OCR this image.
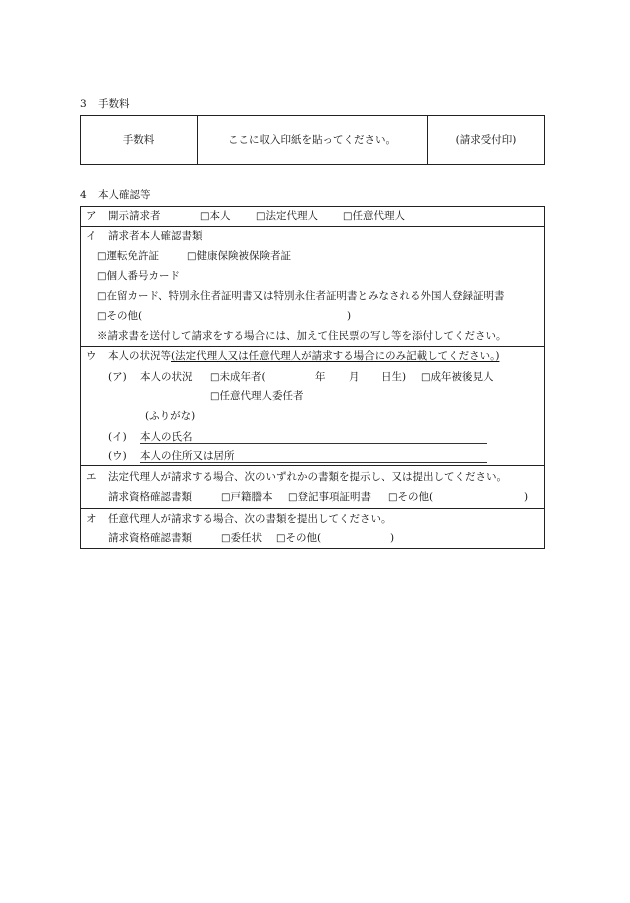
3 手数料
手数料	ここに収入印紙を貼ってください。	(請求受付印)
4 本人確認等
ア 開示請求者	□ 本人	□ 法定代理人	□ 任意代理人
イ 請求者本人確認書類
□ 運転免許証	□ 健康保険被保険者証
□ 個人番号カード
□ 在留カード、特別永住者証明書又は特別永住者証明書とみなされる外国人登録証明書
□ その他(	)
※請求書を送付して請求をする場合には、加えて住民票の写し等を添付してください。
ウ 本人の状況等(法定代理人又は任意代理人が請求する場合にのみ記載してください。)
(ア) 本人の状況	□ 未成年者(	年 月 日生)	□ 成年被後見人
□ 任意代理人委任者
(ふりがな)
(イ) 本人の氏名
(ウ) 本人の住所又は居所
エ 法定代理人が請求する場合、次のいずれかの書類を提示し、又は提出してください。
請求資格確認書類	□ 戸籍謄本	□ 登記事項証明書	□ その他(	)
オ 任意代理人が請求する場合、次の書類を提出してください。
請求資格確認書類	□ 委任状	□ その他(	)
